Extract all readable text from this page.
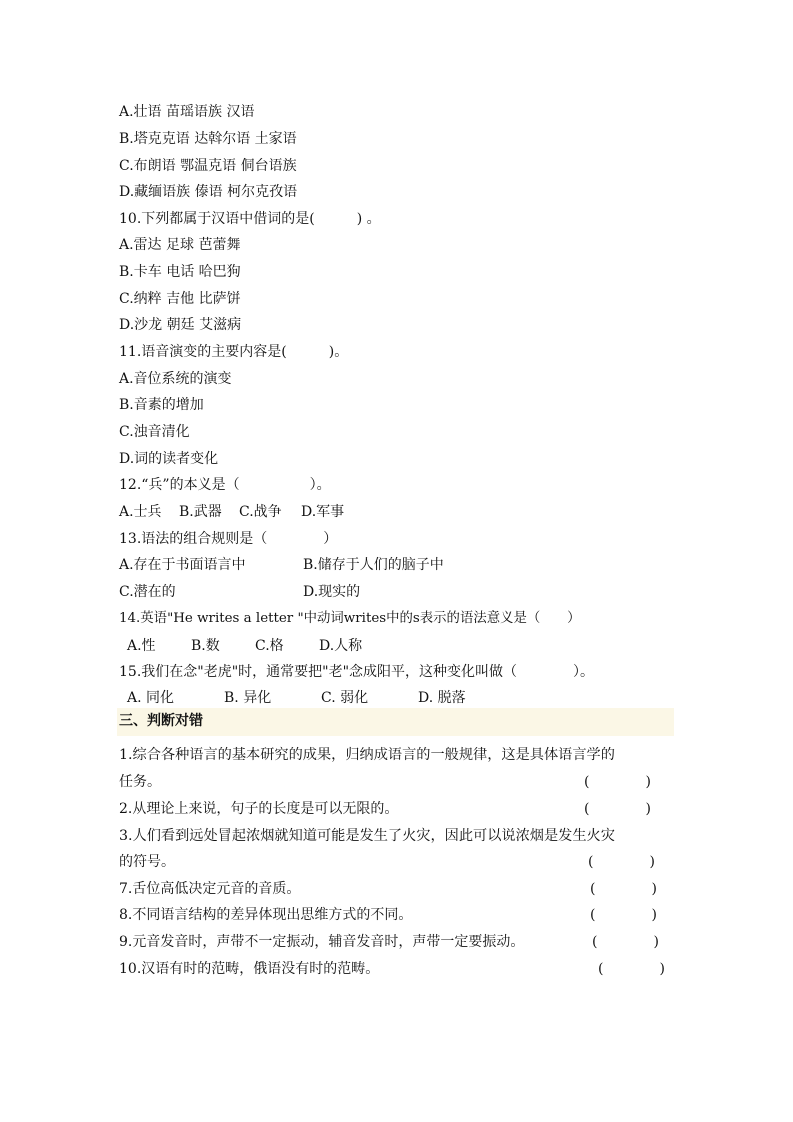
A.壮语 苗瑶语族 汉语

B.塔克克语 达斡尔语 土家语

C.布朗语 鄂温克语 侗台语族

D.藏缅语族 傣语 柯尔克孜语

10.下列都属于汉语中借词的是(　　　) 。

A.雷达 足球 芭蕾舞

B.卡车 电话 哈巴狗

C.纳粹 吉他 比萨饼

D.沙龙 朝廷 艾滋病

11.语音演变的主要内容是(　　　)。

A.音位系统的演变

B.音素的增加

C.浊音清化

D.词的读者变化

12.“兵”的本义是（　　　　　）。

A.士兵 B.武器 C.战争 D.军事

13.语法的组合规则是（　　　　）

A.存在于书面语言中	B.储存于人们的脑子中
C.潜在的	D.现实的

14.英语"He writes a letter "中动词writes中的s表示的语法意义是（　　）

A.性	B.数	C.格	D.人称

15.我们在念"老虎"时，通常要把"老"念成阳平，这种变化叫做（　　　　）。

A. 同化	B. 异化	C. 弱化	D. 脱落
三、判断对错

1.综合各种语言的基本研究的成果，归纳成语言的一般规律，这是具体语言学的

任务。	(　　　　)

2.从理论上来说，句子的长度是可以无限的。	(　　　　)

3.人们看到远处冒起浓烟就知道可能是发生了火灾，因此可以说浓烟是发生火灾

的符号。	(　　　　)

7.舌位高低决定元音的音质。	(　　　　)

8.不同语言结构的差异体现出思维方式的不同。	(　　　　)

9.元音发音时，声带不一定振动，辅音发音时，声带一定要振动。	(　　　　)

10.汉语有时的范畴，俄语没有时的范畴。	(　　　　)
